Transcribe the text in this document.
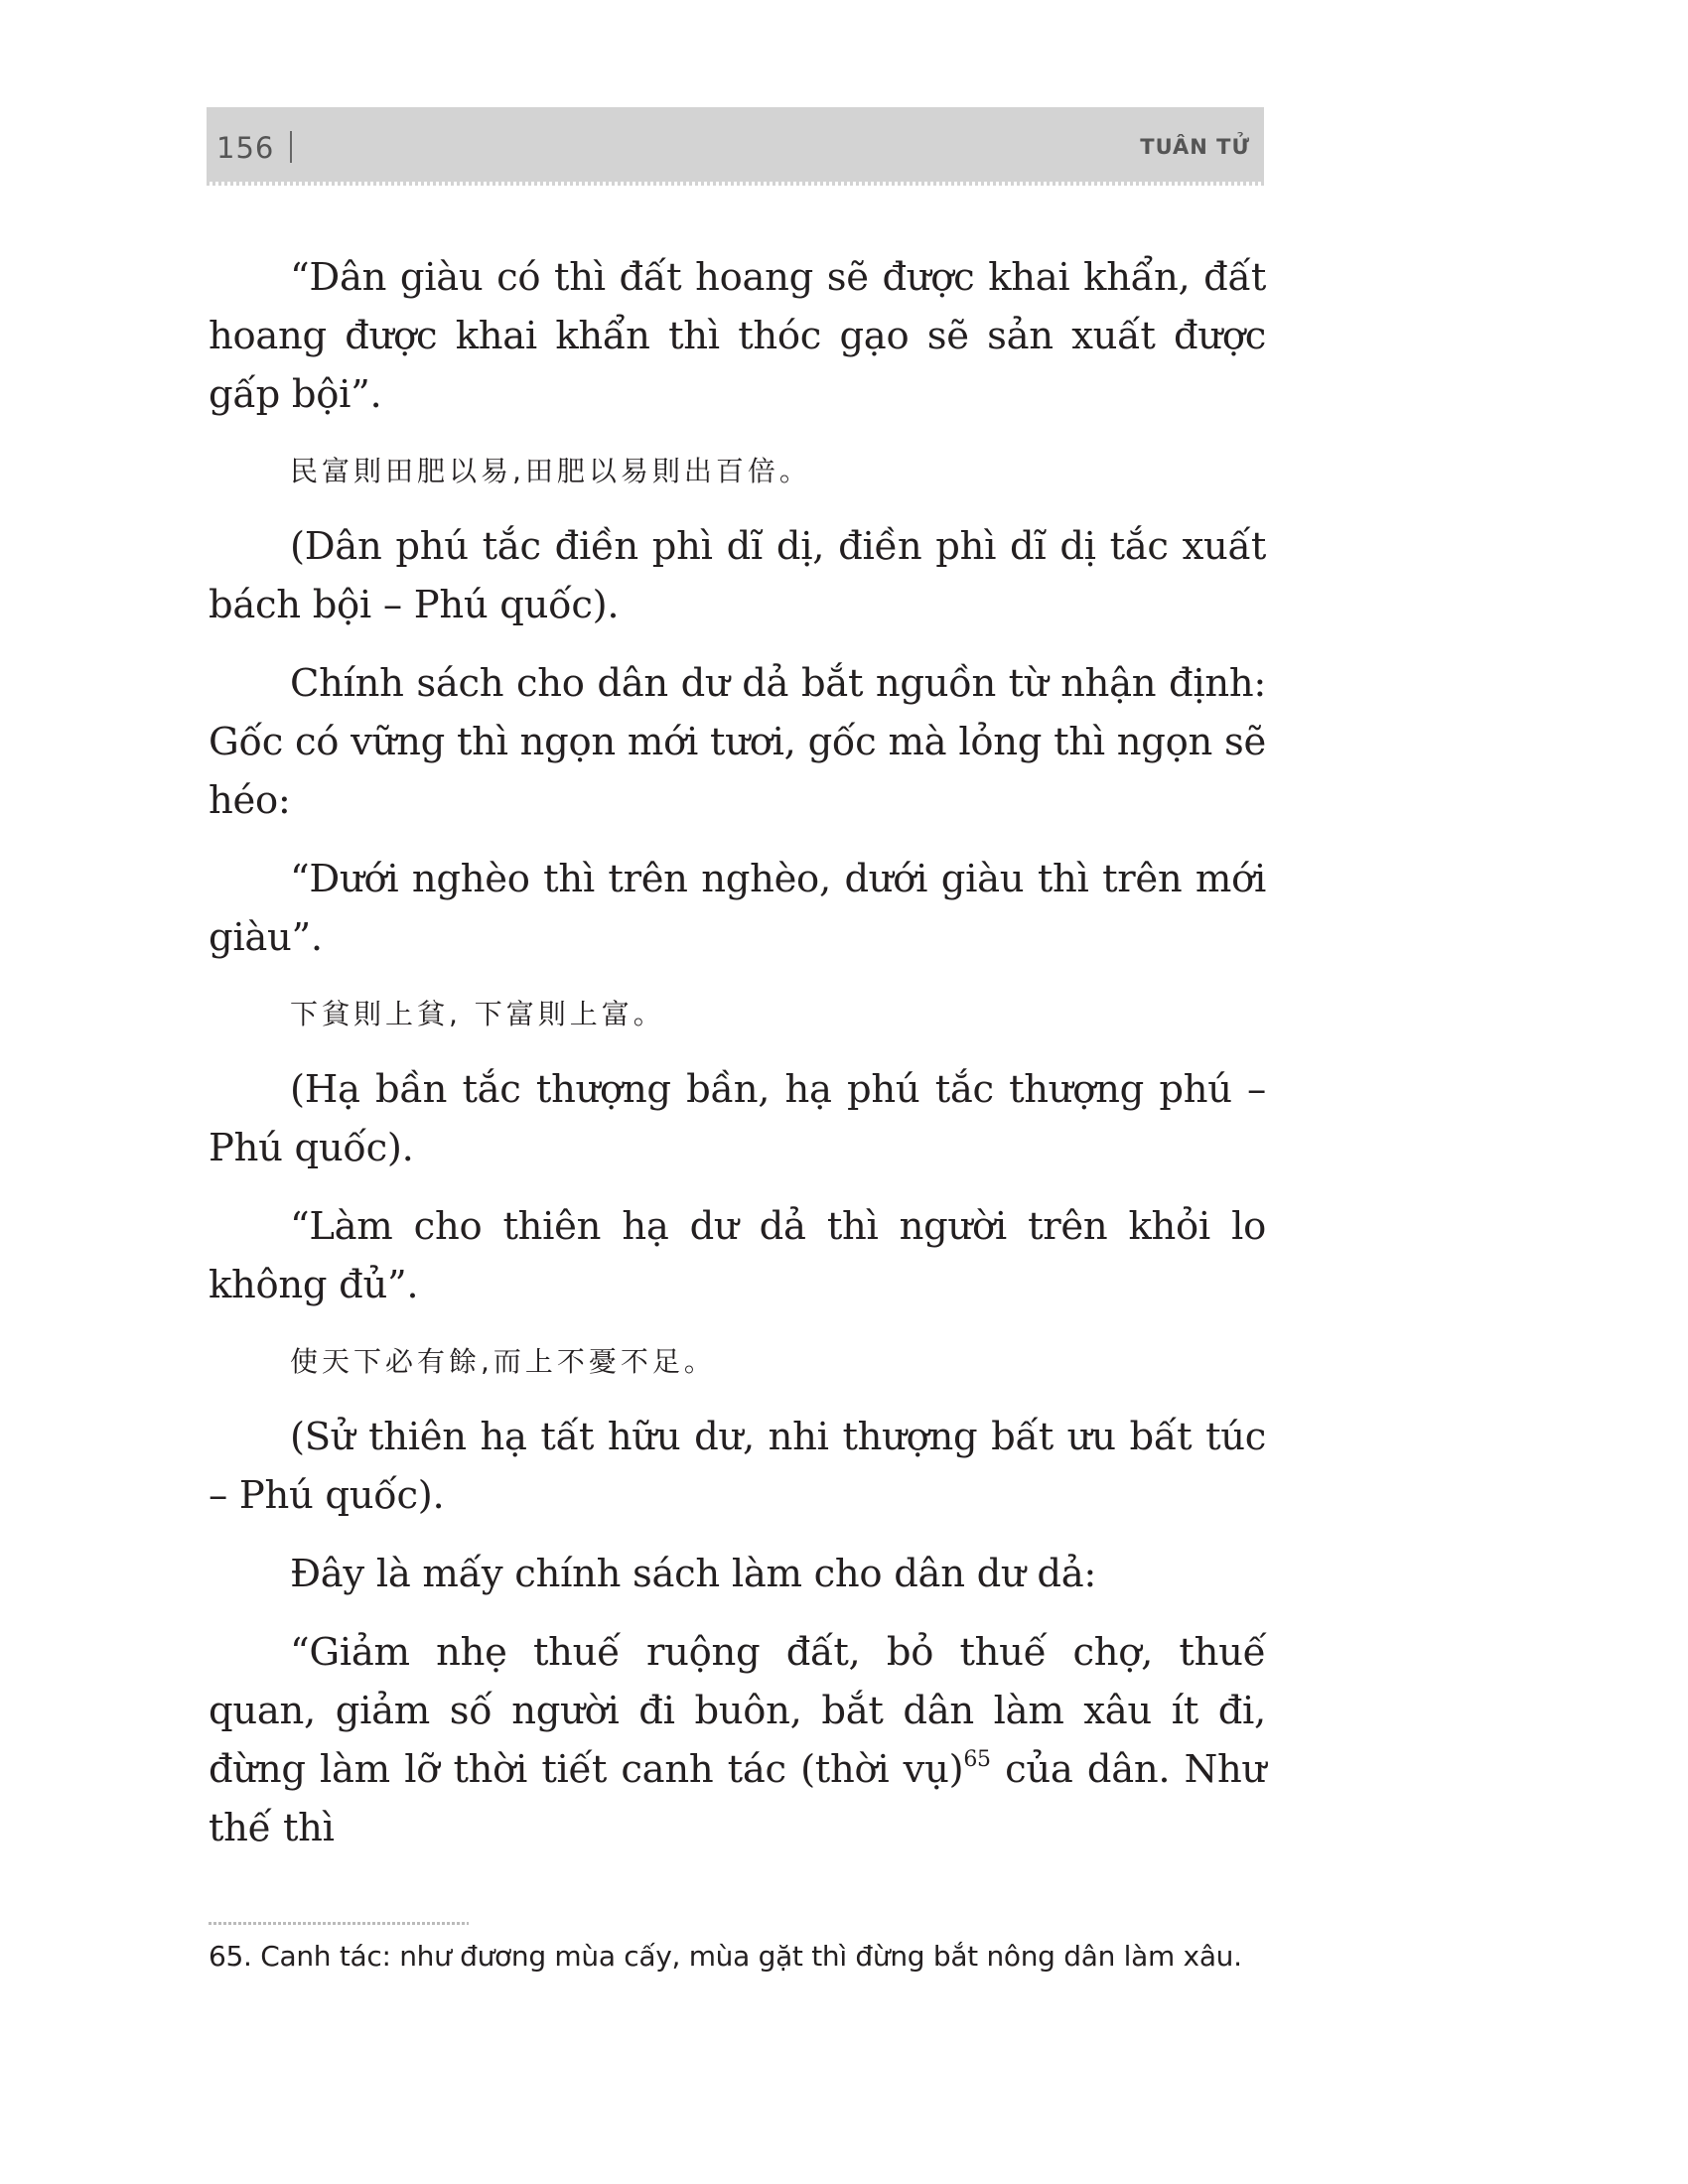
156	TUÂN TỬ

“Dân giàu có thì đất hoang sẽ được khai khẩn, đất hoang được khai khẩn thì thóc gạo sẽ sản xuất được gấp bội”.

民富則田肥以易,田肥以易則出百倍。

(Dân phú tắc điền phì dĩ dị, điền phì dĩ dị tắc xuất bách bội – Phú quốc).

Chính sách cho dân dư dả bắt nguồn từ nhận định: Gốc có vững thì ngọn mới tươi, gốc mà lỏng thì ngọn sẽ héo:

“Dưới nghèo thì trên nghèo, dưới giàu thì trên mới giàu”.

下貧則上貧, 下富則上富。

(Hạ bần tắc thượng bần, hạ phú tắc thượng phú – Phú quốc).

“Làm cho thiên hạ dư dả thì người trên khỏi lo không đủ”.

使天下必有餘,而上不憂不足。

(Sử thiên hạ tất hữu dư, nhi thượng bất ưu bất túc – Phú quốc).

Đây là mấy chính sách làm cho dân dư dả:

“Giảm nhẹ thuế ruộng đất, bỏ thuế chợ, thuế quan, giảm số người đi buôn, bắt dân làm xâu ít đi, đừng làm lỡ thời tiết canh tác (thời vụ)$^{65}$ của dân. Như thế thì

65. Canh tác: như đương mùa cấy, mùa gặt thì đừng bắt nông dân làm xâu.
